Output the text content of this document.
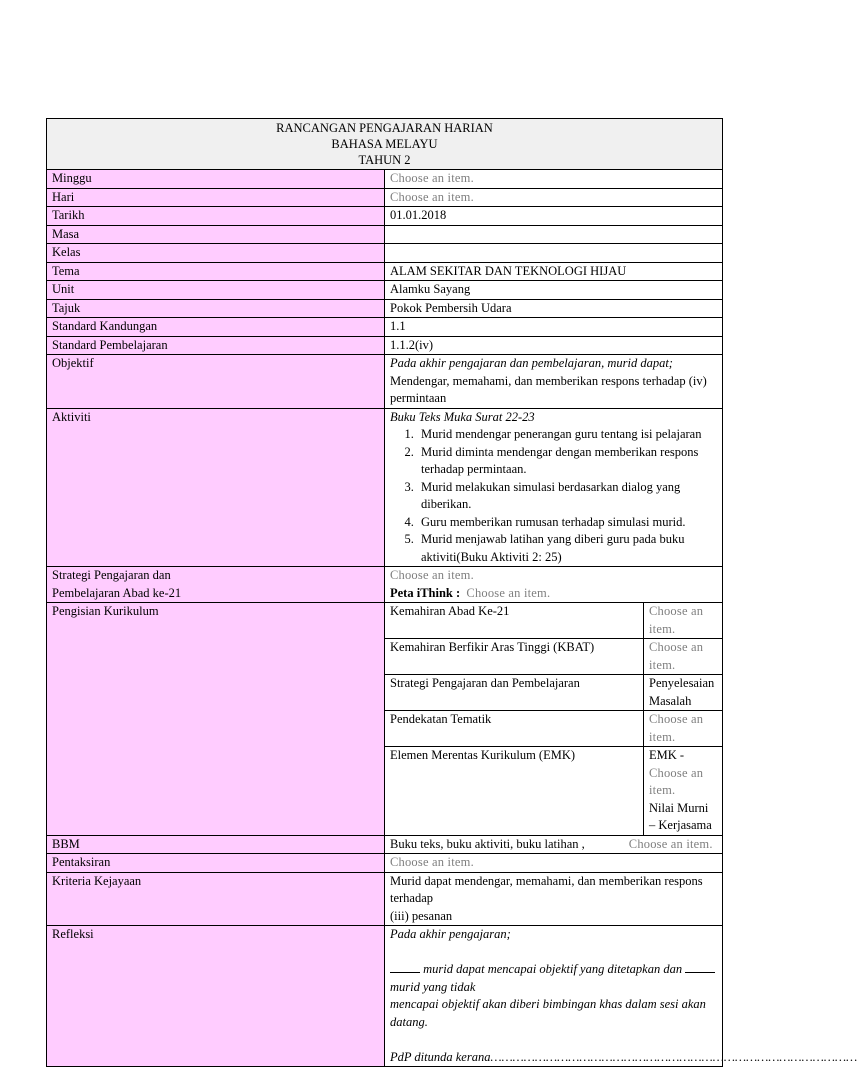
RANCANGAN PENGAJARAN HARIAN
BAHASA MELAYU
TAHUN 2

Minggu	Choose an item.
Hari	Choose an item.
Tarikh	01.01.2018
Masa	
Kelas	
Tema	ALAM SEKITAR DAN TEKNOLOGI HIJAU
Unit	Alamku Sayang
Tajuk	Pokok Pembersih Udara
Standard Kandungan	1.1
Standard Pembelajaran	1.1.2(iv)
Objektif	Pada akhir pengajaran dan pembelajaran, murid dapat;
Mendengar, memahami, dan memberikan respons terhadap (iv) permintaan

Aktiviti	Buku Teks Muka Surat 22-23
1. Murid mendengar penerangan guru tentang isi pelajaran
2. Murid diminta mendengar dengan memberikan respons terhadap permintaan.
3. Murid melakukan simulasi berdasarkan dialog yang diberikan.
4. Guru memberikan rumusan terhadap simulasi murid.
5. Murid menjawab latihan yang diberi guru pada buku aktiviti(Buku Aktiviti 2: 25)

Strategi Pengajaran dan
Pembelajaran Abad ke-21

Choose an item.
Peta iThink : Choose an item.

Pengisian Kurikulum		Kemahiran Abad Ke-21	Choose an item.
Kemahiran Berfikir Aras Tinggi (KBAT)	Choose an item.
Strategi Pengajaran dan Pembelajaran	Penyelesaian Masalah
Pendekatan Tematik	Choose an item.
Elemen Merentas Kurikulum (EMK)	EMK - Choose an item.
Nilai Murni – Kerjasama

BBM	Buku teks, buku aktiviti, buku latihan ,	Choose an item.
Pentaksiran	Choose an item.
Kriteria Kejayaan	Murid dapat mendengar, memahami, dan memberikan respons terhadap
(iii) pesanan

Refleksi	Pada akhir pengajaran;
murid dapat mencapai objektif yang ditetapkan dan  murid yang tidak
mencapai objektif akan diberi bimbingan khas dalam sesi akan datang.
PdP ditunda kerana………………………………………………………………………………………
